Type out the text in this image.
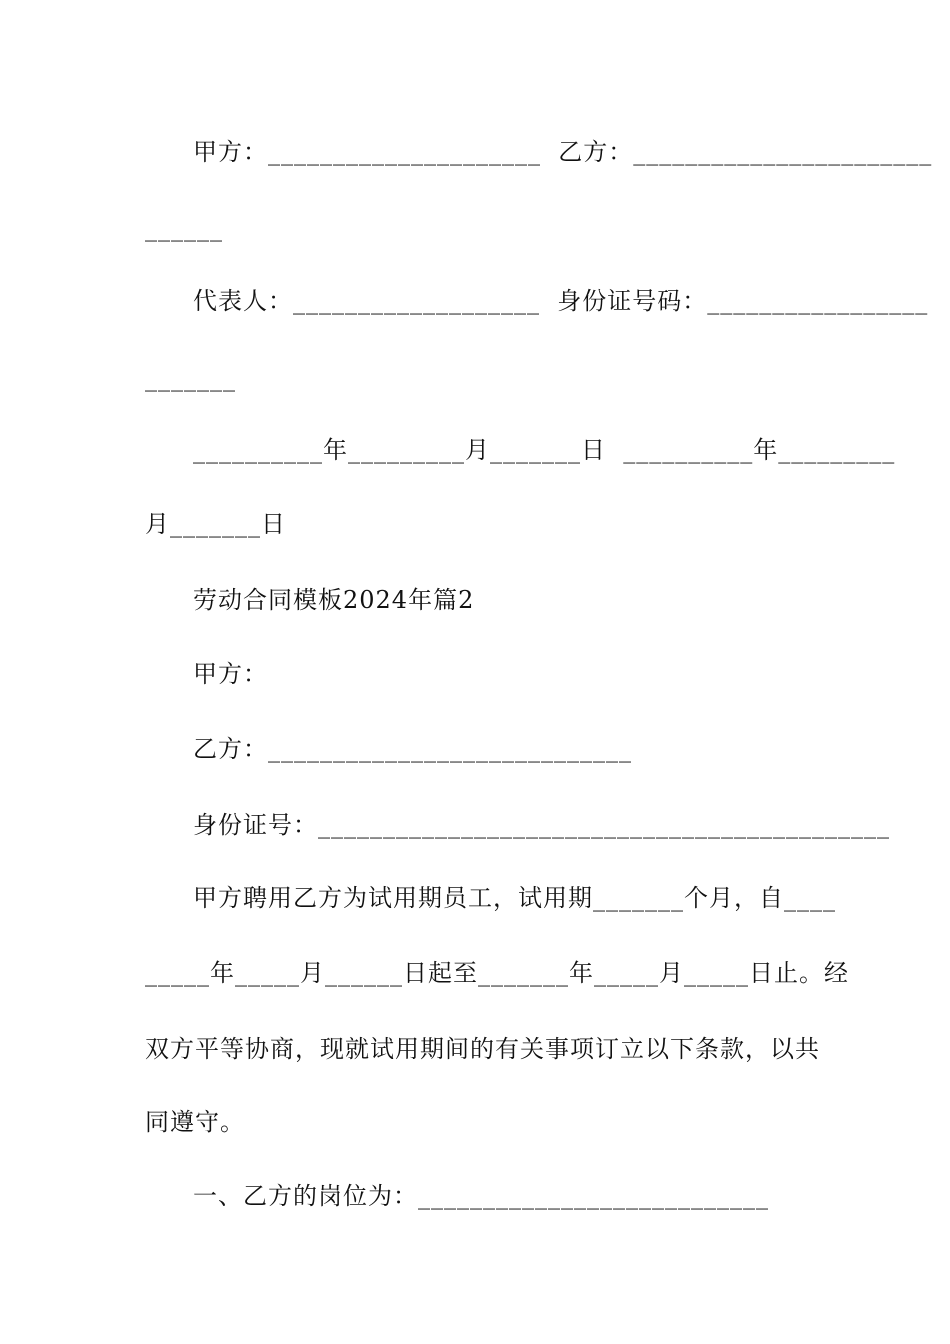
甲方：_____________________  乙方：_______________________
______
代表人：___________________  身份证号码：_________________
_______
__________年_________月_______日  __________年_________
月_______日
劳动合同模板2024年篇2
甲方：
乙方：____________________________
身份证号：____________________________________________
甲方聘用乙方为试用期员工，试用期_______个月，自____
_____年_____月______日起至_______年_____月_____日止。经
双方平等协商，现就试用期间的有关事项订立以下条款，以共
同遵守。
一、乙方的岗位为：___________________________
